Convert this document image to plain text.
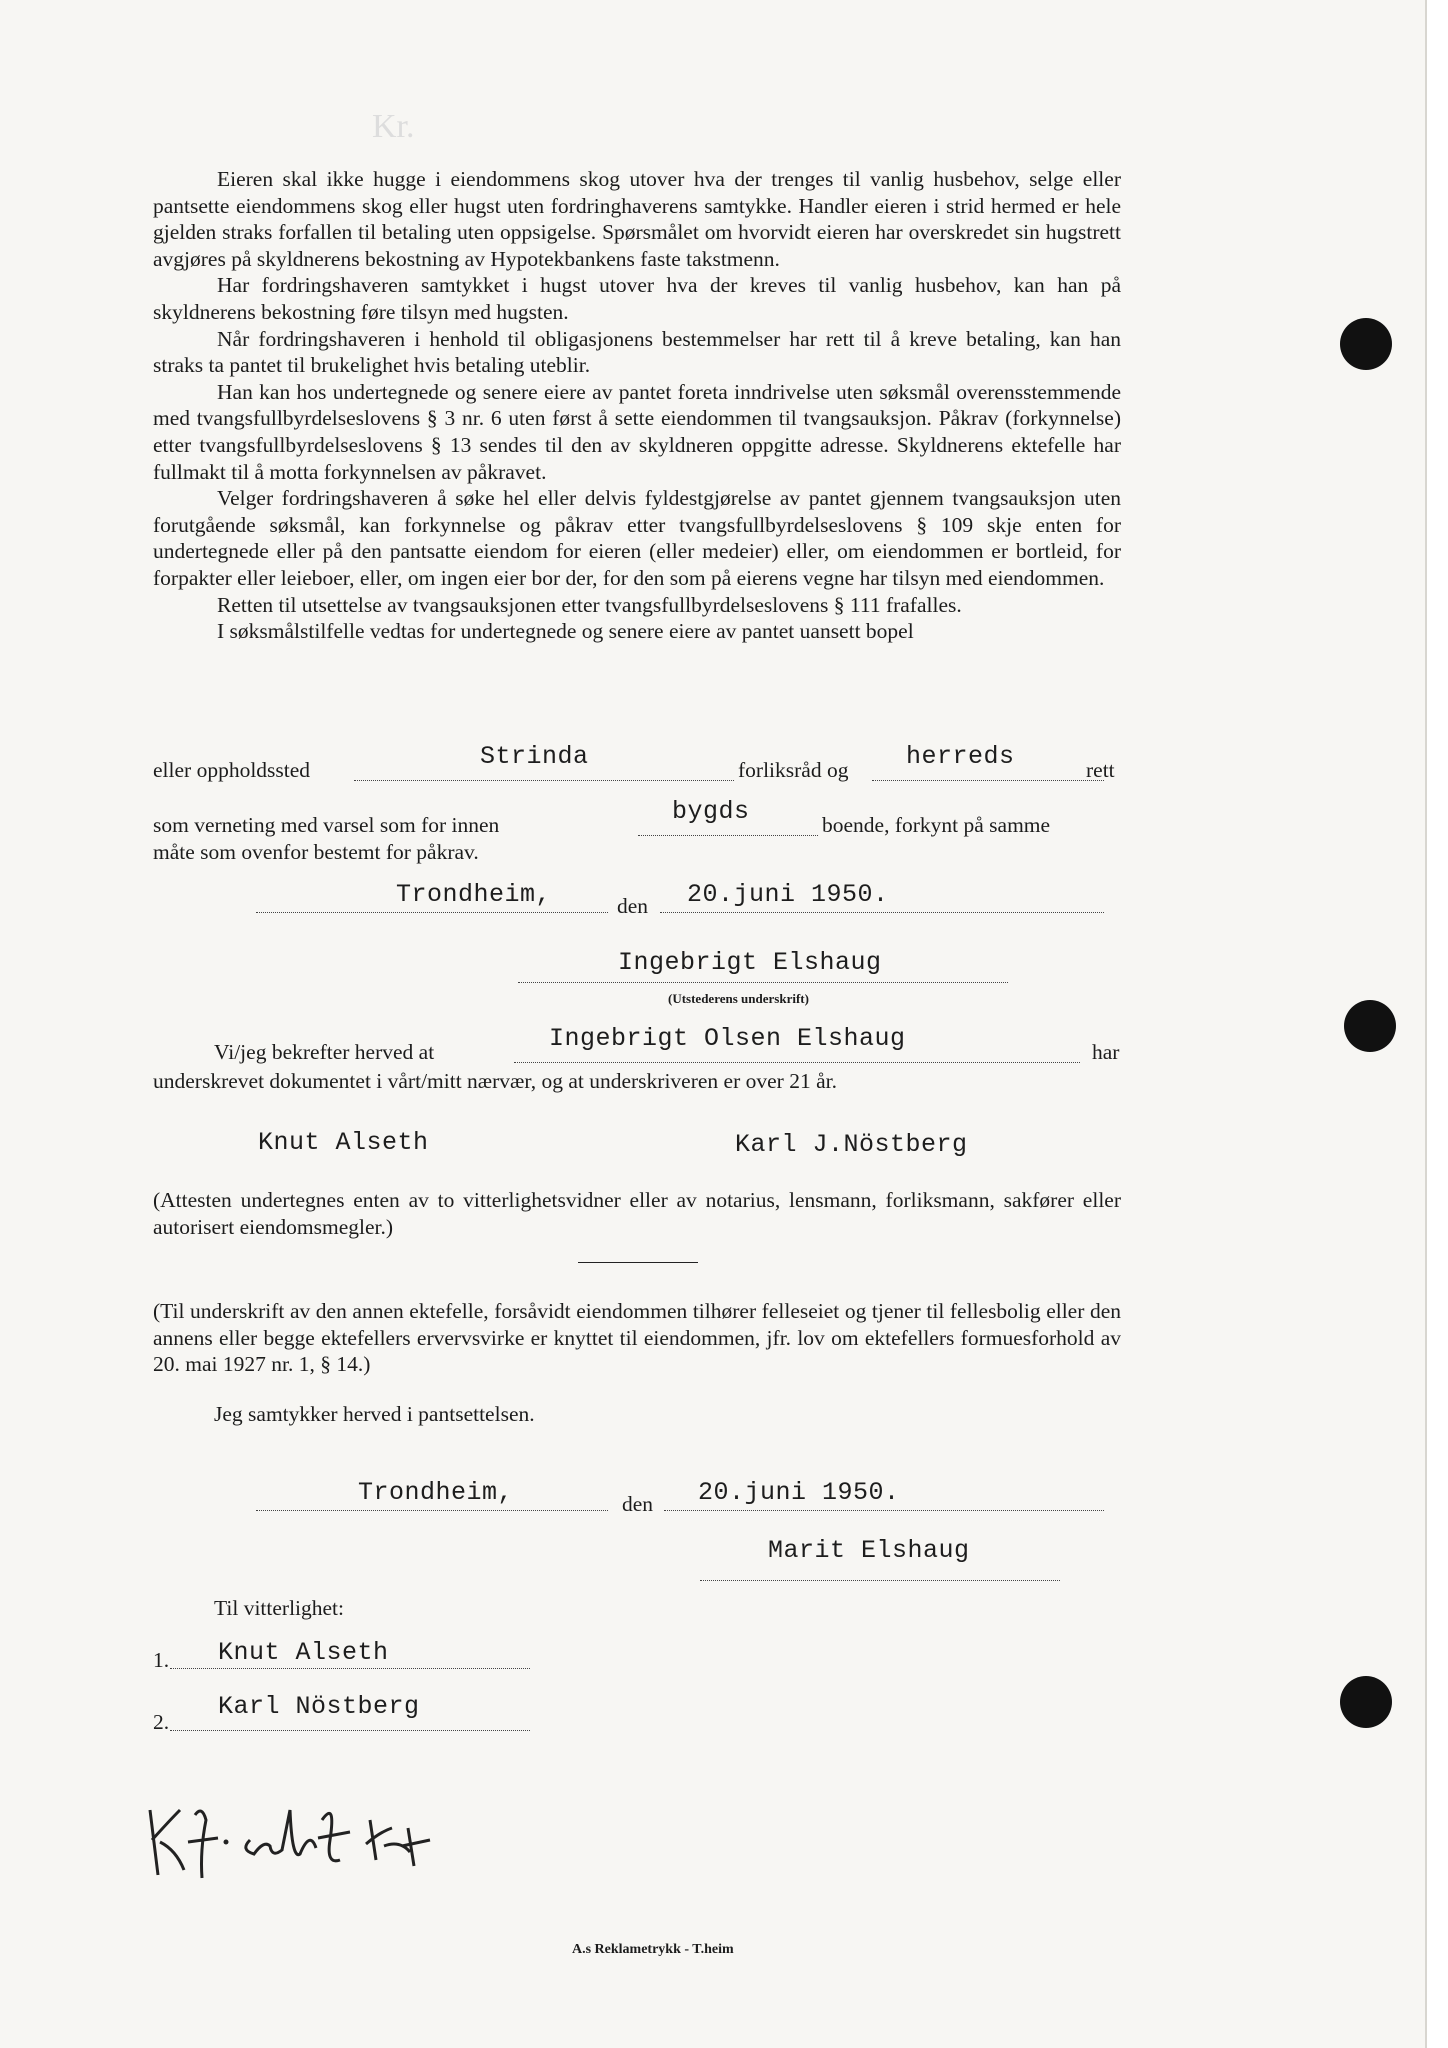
Kr.

Eieren skal ikke hugge i eiendommens skog utover hva der trenges til vanlig husbehov, selge eller pantsette eiendommens skog eller hugst uten fordringhaverens samtykke. Handler eieren i strid hermed er hele gjelden straks forfallen til betaling uten oppsigelse. Spørsmålet om hvorvidt eieren har overskredet sin hugstrett avgjøres på skyldnerens bekostning av Hypotekbankens faste takstmenn.

Har fordringshaveren samtykket i hugst utover hva der kreves til vanlig husbehov, kan han på skyldnerens bekostning føre tilsyn med hugsten.

Når fordringshaveren i henhold til obligasjonens bestemmelser har rett til å kreve betaling, kan han straks ta pantet til brukelighet hvis betaling uteblir.

Han kan hos undertegnede og senere eiere av pantet foreta inndrivelse uten søksmål overensstemmende med tvangsfullbyrdelseslovens § 3 nr. 6 uten først å sette eiendommen til tvangsauksjon. Påkrav (forkynnelse) etter tvangsfullbyrdelseslovens § 13 sendes til den av skyldneren oppgitte adresse. Skyldnerens ektefelle har fullmakt til å motta forkynnelsen av påkravet.

Velger fordringshaveren å søke hel eller delvis fyldestgjørelse av pantet gjennem tvangsauksjon uten forutgående søksmål, kan forkynnelse og påkrav etter tvangsfullbyrdelseslovens § 109 skje enten for undertegnede eller på den pantsatte eiendom for eieren (eller medeier) eller, om eiendommen er bortleid, for forpakter eller leieboer, eller, om ingen eier bor der, for den som på eierens vegne har tilsyn med eiendommen.

Retten til utsettelse av tvangsauksjonen etter tvangsfullbyrdelseslovens § 111 frafalles.

I søksmålstilfelle vedtas for undertegnede og senere eiere av pantet uansett bopel

eller oppholdssted	Strinda	forliksråd og herreds	rett
som verneting med varsel som for innen	bygds	boende, forkynt på samme
måte som ovenfor bestemt for påkrav.
Trondheim,	den 20.juni 1950.
Ingebrigt Elshaug
(Utstederens underskrift)
Vi/jeg bekrefter herved at	Ingebrigt Olsen Elshaug	har
underskrevet dokumentet i vårt/mitt nærvær, og at underskriveren er over 21 år.
Knut Alseth	Karl J.Nöstberg
(Attesten undertegnes enten av to vitterlighetsvidner eller av notarius, lensmann, forliksmann, sakfører eller autorisert eiendomsmegler.)
(Til underskrift av den annen ektefelle, forsåvidt eiendommen tilhører felleseiet og tjener til fellesbolig eller den annens eller begge ektefellers ervervsvirke er knyttet til eiendommen, jfr. lov om ektefellers formuesforhold av 20. mai 1927 nr. 1, § 14.)
Jeg samtykker herved i pantsettelsen.
Trondheim,	den 20.juni 1950.
Marit Elshaug
Til vitterlighet:
1. Knut Alseth
2.
Karl Nöstberg
A.s Reklametrykk - T.heim
